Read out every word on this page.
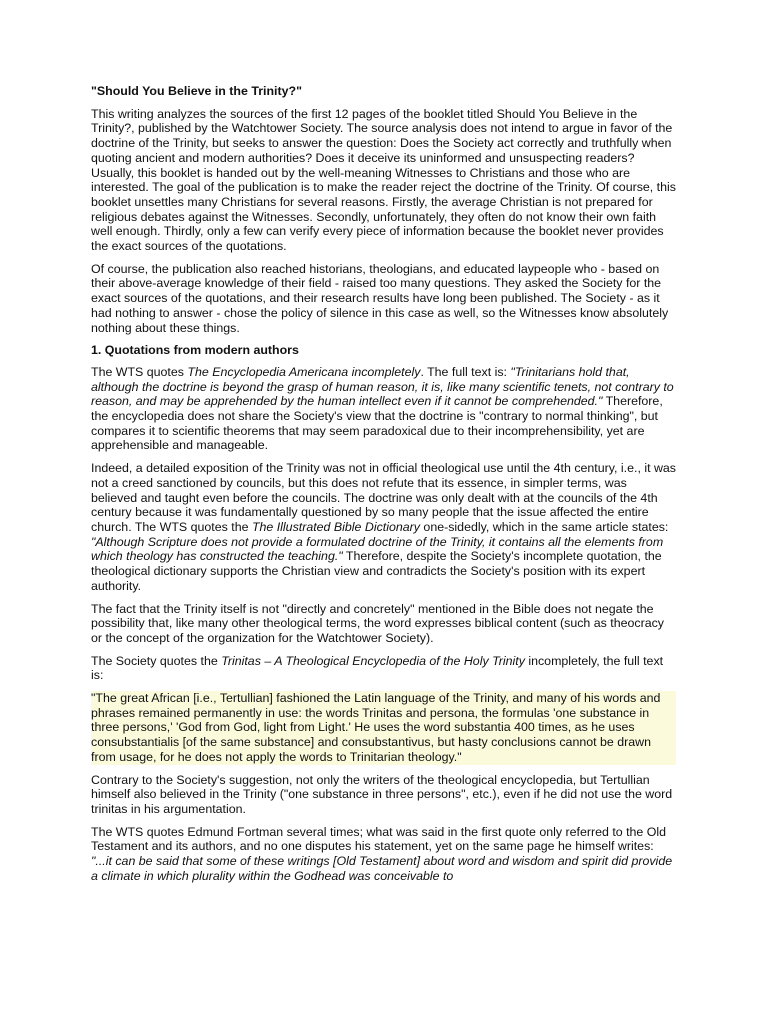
"Should You Believe in the Trinity?"

This writing analyzes the sources of the first 12 pages of the booklet titled Should You Believe in the Trinity?, published by the Watchtower Society. The source analysis does not intend to argue in favor of the doctrine of the Trinity, but seeks to answer the question: Does the Society act correctly and truthfully when quoting ancient and modern authorities? Does it deceive its uninformed and unsuspecting readers? Usually, this booklet is handed out by the well-meaning Witnesses to Christians and those who are interested. The goal of the publication is to make the reader reject the doctrine of the Trinity. Of course, this booklet unsettles many Christians for several reasons. Firstly, the average Christian is not prepared for religious debates against the Witnesses. Secondly, unfortunately, they often do not know their own faith well enough. Thirdly, only a few can verify every piece of information because the booklet never provides the exact sources of the quotations.

Of course, the publication also reached historians, theologians, and educated laypeople who - based on their above-average knowledge of their field - raised too many questions. They asked the Society for the exact sources of the quotations, and their research results have long been published. The Society - as it had nothing to answer - chose the policy of silence in this case as well, so the Witnesses know absolutely nothing about these things.

1. Quotations from modern authors

The WTS quotes The Encyclopedia Americana incompletely. The full text is: "Trinitarians hold that, although the doctrine is beyond the grasp of human reason, it is, like many scientific tenets, not contrary to reason, and may be apprehended by the human intellect even if it cannot be comprehended." Therefore, the encyclopedia does not share the Society's view that the doctrine is "contrary to normal thinking", but compares it to scientific theorems that may seem paradoxical due to their incomprehensibility, yet are apprehensible and manageable.

Indeed, a detailed exposition of the Trinity was not in official theological use until the 4th century, i.e., it was not a creed sanctioned by councils, but this does not refute that its essence, in simpler terms, was believed and taught even before the councils. The doctrine was only dealt with at the councils of the 4th century because it was fundamentally questioned by so many people that the issue affected the entire church. The WTS quotes the The Illustrated Bible Dictionary one-sidedly, which in the same article states: "Although Scripture does not provide a formulated doctrine of the Trinity, it contains all the elements from which theology has constructed the teaching." Therefore, despite the Society's incomplete quotation, the theological dictionary supports the Christian view and contradicts the Society's position with its expert authority.

The fact that the Trinity itself is not "directly and concretely" mentioned in the Bible does not negate the possibility that, like many other theological terms, the word expresses biblical content (such as theocracy or the concept of the organization for the Watchtower Society).

The Society quotes the Trinitas – A Theological Encyclopedia of the Holy Trinity incompletely, the full text is:

"The great African [i.e., Tertullian] fashioned the Latin language of the Trinity, and many of his words and phrases remained permanently in use: the words Trinitas and persona, the formulas 'one substance in three persons,' 'God from God, light from Light.' He uses the word substantia 400 times, as he uses consubstantialis [of the same substance] and consubstantivus, but hasty conclusions cannot be drawn from usage, for he does not apply the words to Trinitarian theology."

Contrary to the Society's suggestion, not only the writers of the theological encyclopedia, but Tertullian himself also believed in the Trinity ("one substance in three persons", etc.), even if he did not use the word trinitas in his argumentation.

The WTS quotes Edmund Fortman several times; what was said in the first quote only referred to the Old Testament and its authors, and no one disputes his statement, yet on the same page he himself writes: "...it can be said that some of these writings [Old Testament] about word and wisdom and spirit did provide a climate in which plurality within the Godhead was conceivable to
